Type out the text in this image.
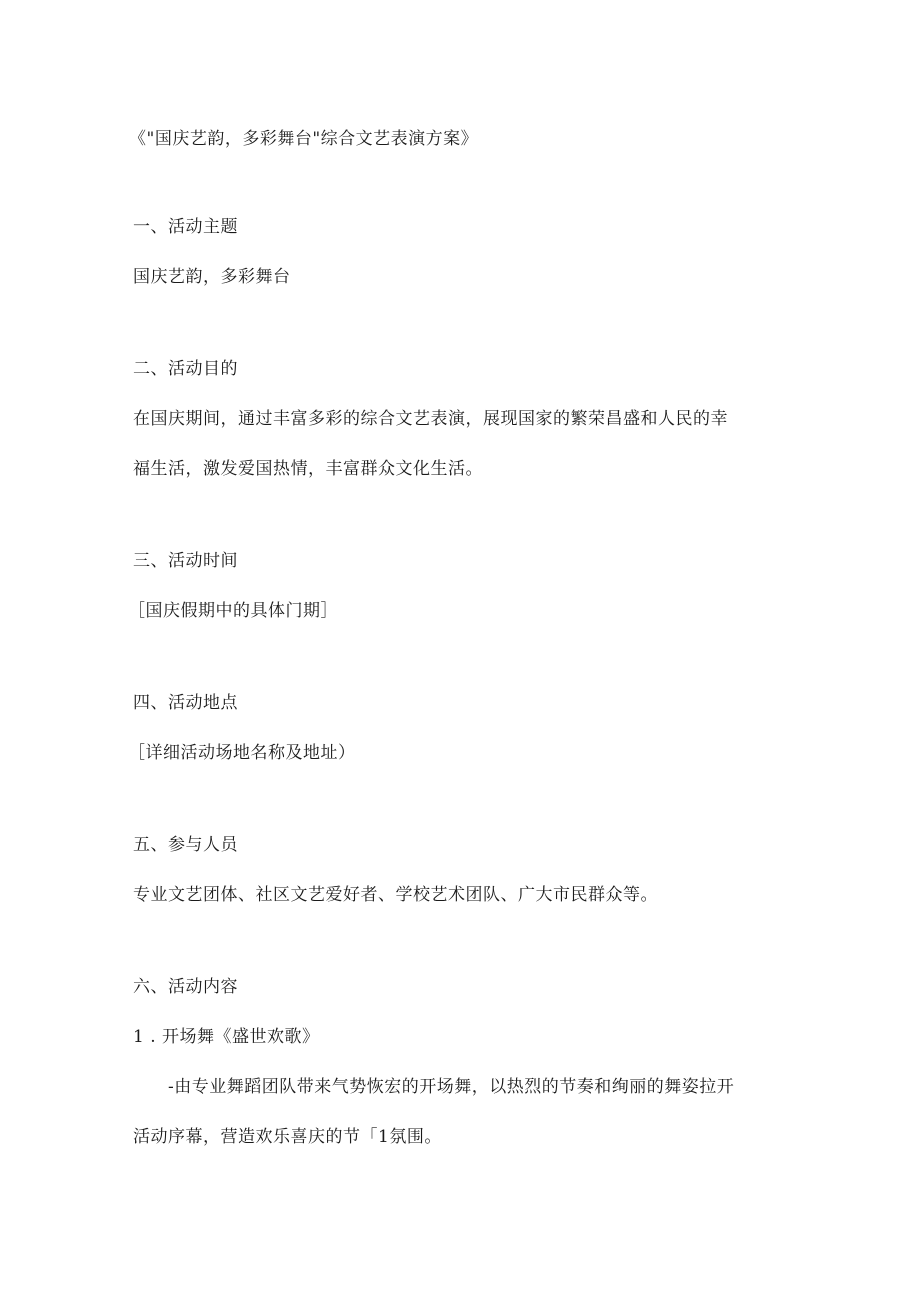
《"国庆艺韵，多彩舞台"综合文艺表演方案》
一、活动主题
国庆艺韵，多彩舞台
二、活动目的
在国庆期间，通过丰富多彩的综合文艺表演，展现国家的繁荣昌盛和人民的幸
福生活，激发爱国热情，丰富群众文化生活。
三、活动时间
［国庆假期中的具体门期］
四、活动地点
［详细活动场地名称及地址）
五、参与人员
专业文艺团体、社区文艺爱好者、学校艺术团队、广大市民群众等。
六、活动内容
1 . 开场舞《盛世欢歌》
-由专业舞蹈团队带来气势恢宏的开场舞，以热烈的节奏和绚丽的舞姿拉开
活动序幕，营造欢乐喜庆的节「1氛围。
